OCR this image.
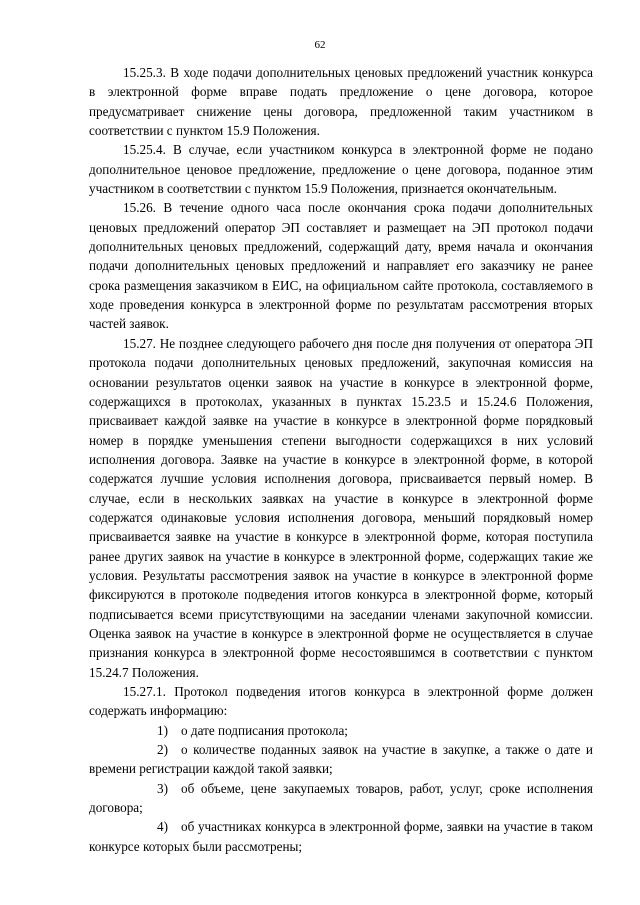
62

15.25.3. В ходе подачи дополнительных ценовых предложений участник конкурса в электронной форме вправе подать предложение о цене договора, которое предусматривает снижение цены договора, предложенной таким участником в соответствии с пунктом 15.9 Положения.

15.25.4. В случае, если участником конкурса в электронной форме не подано дополнительное ценовое предложение, предложение о цене договора, поданное этим участником в соответствии с пунктом 15.9 Положения, признается окончательным.

15.26. В течение одного часа после окончания срока подачи дополнительных ценовых предложений оператор ЭП составляет и размещает на ЭП протокол подачи дополнительных ценовых предложений, содержащий дату, время начала и окончания подачи дополнительных ценовых предложений и направляет его заказчику не ранее срока размещения заказчиком в ЕИС, на официальном сайте протокола, составляемого в ходе проведения конкурса в электронной форме по результатам рассмотрения вторых частей заявок.

15.27. Не позднее следующего рабочего дня после дня получения от оператора ЭП протокола подачи дополнительных ценовых предложений, закупочная комиссия на основании результатов оценки заявок на участие в конкурсе в электронной форме, содержащихся в протоколах, указанных в пунктах 15.23.5 и 15.24.6 Положения, присваивает каждой заявке на участие в конкурсе в электронной форме порядковый номер в порядке уменьшения степени выгодности содержащихся в них условий исполнения договора. Заявке на участие в конкурсе в электронной форме, в которой содержатся лучшие условия исполнения договора, присваивается первый номер. В случае, если в нескольких заявках на участие в конкурсе в электронной форме содержатся одинаковые условия исполнения договора, меньший порядковый номер присваивается заявке на участие в конкурсе в электронной форме, которая поступила ранее других заявок на участие в конкурсе в электронной форме, содержащих такие же условия. Результаты рассмотрения заявок на участие в конкурсе в электронной форме фиксируются в протоколе подведения итогов конкурса в электронной форме, который подписывается всеми присутствующими на заседании членами закупочной комиссии. Оценка заявок на участие в конкурсе в электронной форме не осуществляется в случае признания конкурса в электронной форме несостоявшимся в соответствии с пунктом 15.24.7 Положения.

15.27.1. Протокол подведения итогов конкурса в электронной форме должен содержать информацию:

1) о дате подписания протокола;

2) о количестве поданных заявок на участие в закупке, а также о дате и времени регистрации каждой такой заявки;

3) об объеме, цене закупаемых товаров, работ, услуг, сроке исполнения договора;

4) об участниках конкурса в электронной форме, заявки на участие в таком конкурсе которых были рассмотрены;
